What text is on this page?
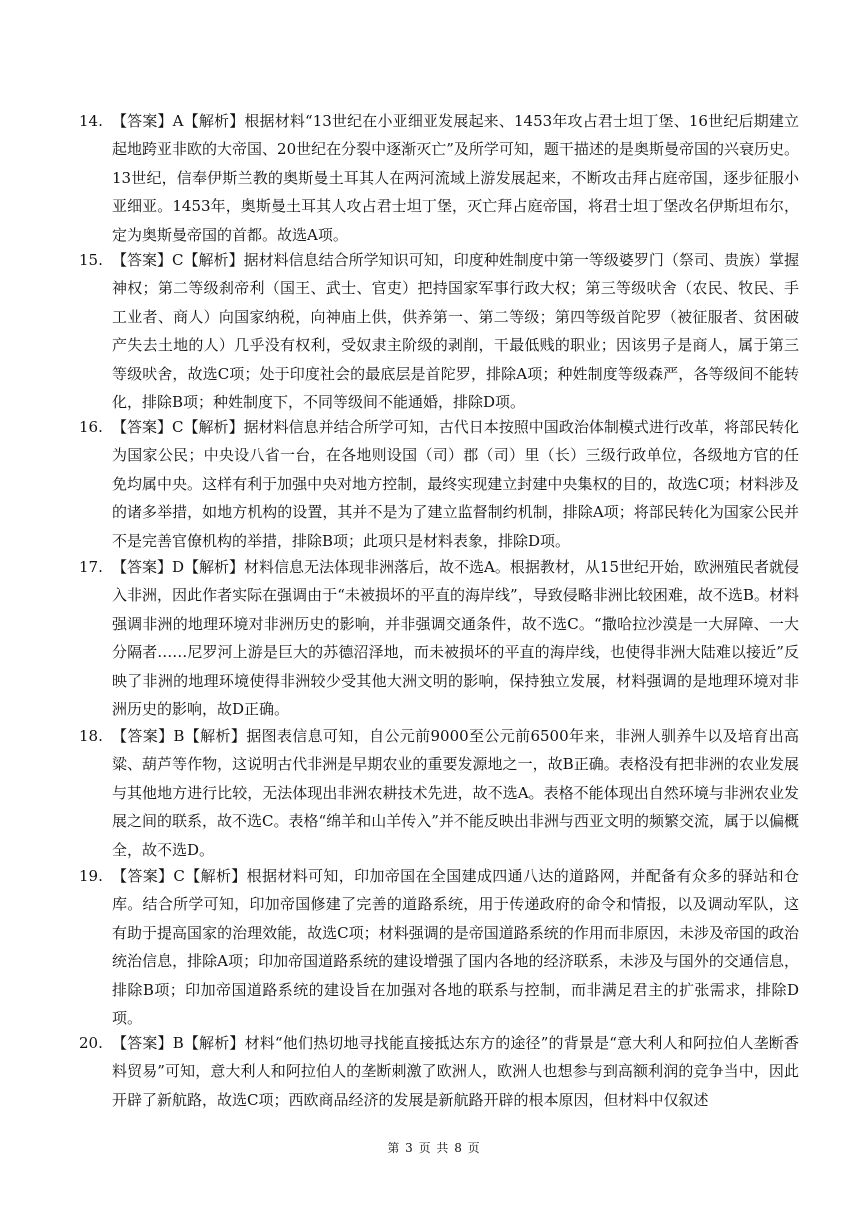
14. 【答案】A【解析】根据材料“13世纪在小亚细亚发展起来、1453年攻占君士坦丁堡、16世纪后期建立起地跨亚非欧的大帝国、20世纪在分裂中逐渐灭亡”及所学可知，题干描述的是奥斯曼帝国的兴衰历史。13世纪，信奉伊斯兰教的奥斯曼土耳其人在两河流域上游发展起来，不断攻击拜占庭帝国，逐步征服小亚细亚。1453年，奥斯曼土耳其人攻占君士坦丁堡，灭亡拜占庭帝国，将君士坦丁堡改名伊斯坦布尔，定为奥斯曼帝国的首都。故选A项。
15. 【答案】C【解析】据材料信息结合所学知识可知，印度种姓制度中第一等级婆罗门（祭司、贵族）掌握神权；第二等级刹帝利（国王、武士、官吏）把持国家军事行政大权；第三等级吠舍（农民、牧民、手工业者、商人）向国家纳税，向神庙上供，供养第一、第二等级；第四等级首陀罗（被征服者、贫困破产失去土地的人）几乎没有权利，受奴隶主阶级的剥削，干最低贱的职业；因该男子是商人，属于第三等级吠舍，故选C项；处于印度社会的最底层是首陀罗，排除A项；种姓制度等级森严，各等级间不能转化，排除B项；种姓制度下，不同等级间不能通婚，排除D项。
16. 【答案】C【解析】据材料信息并结合所学可知，古代日本按照中国政治体制模式进行改革，将部民转化为国家公民；中央设八省一台，在各地则设国（司）郡（司）里（长）三级行政单位，各级地方官的任免均属中央。这样有利于加强中央对地方控制，最终实现建立封建中央集权的目的，故选C项；材料涉及的诸多举措，如地方机构的设置，其并不是为了建立监督制约机制，排除A项；将部民转化为国家公民并不是完善官僚机构的举措，排除B项；此项只是材料表象，排除D项。
17. 【答案】D【解析】材料信息无法体现非洲落后，故不选A。根据教材，从15世纪开始，欧洲殖民者就侵入非洲，因此作者实际在强调由于“未被损坏的平直的海岸线”，导致侵略非洲比较困难，故不选B。材料强调非洲的地理环境对非洲历史的影响，并非强调交通条件，故不选C。“撒哈拉沙漠是一大屏障、一大分隔者……尼罗河上游是巨大的苏德沼泽地，而未被损坏的平直的海岸线，也使得非洲大陆难以接近”反映了非洲的地理环境使得非洲较少受其他大洲文明的影响，保持独立发展，材料强调的是地理环境对非洲历史的影响，故D正确。
18. 【答案】B【解析】据图表信息可知，自公元前9000至公元前6500年来，非洲人驯养牛以及培育出高粱、葫芦等作物，这说明古代非洲是早期农业的重要发源地之一，故B正确。表格没有把非洲的农业发展与其他地方进行比较，无法体现出非洲农耕技术先进，故不选A。表格不能体现出自然环境与非洲农业发展之间的联系，故不选C。表格“绵羊和山羊传入”并不能反映出非洲与西亚文明的频繁交流，属于以偏概全，故不选D。
19. 【答案】C【解析】根据材料可知，印加帝国在全国建成四通八达的道路网，并配备有众多的驿站和仓库。结合所学可知，印加帝国修建了完善的道路系统，用于传递政府的命令和情报，以及调动军队，这有助于提高国家的治理效能，故选C项；材料强调的是帝国道路系统的作用而非原因，未涉及帝国的政治统治信息，排除A项；印加帝国道路系统的建设增强了国内各地的经济联系，未涉及与国外的交通信息，排除B项；印加帝国道路系统的建设旨在加强对各地的联系与控制，而非满足君主的扩张需求，排除D项。
20. 【答案】B【解析】材料“他们热切地寻找能直接抵达东方的途径”的背景是“意大利人和阿拉伯人垄断香料贸易”可知，意大利人和阿拉伯人的垄断刺激了欧洲人，欧洲人也想参与到高额利润的竞争当中，因此开辟了新航路，故选C项；西欧商品经济的发展是新航路开辟的根本原因，但材料中仅叙述
第 3 页 共 8 页
